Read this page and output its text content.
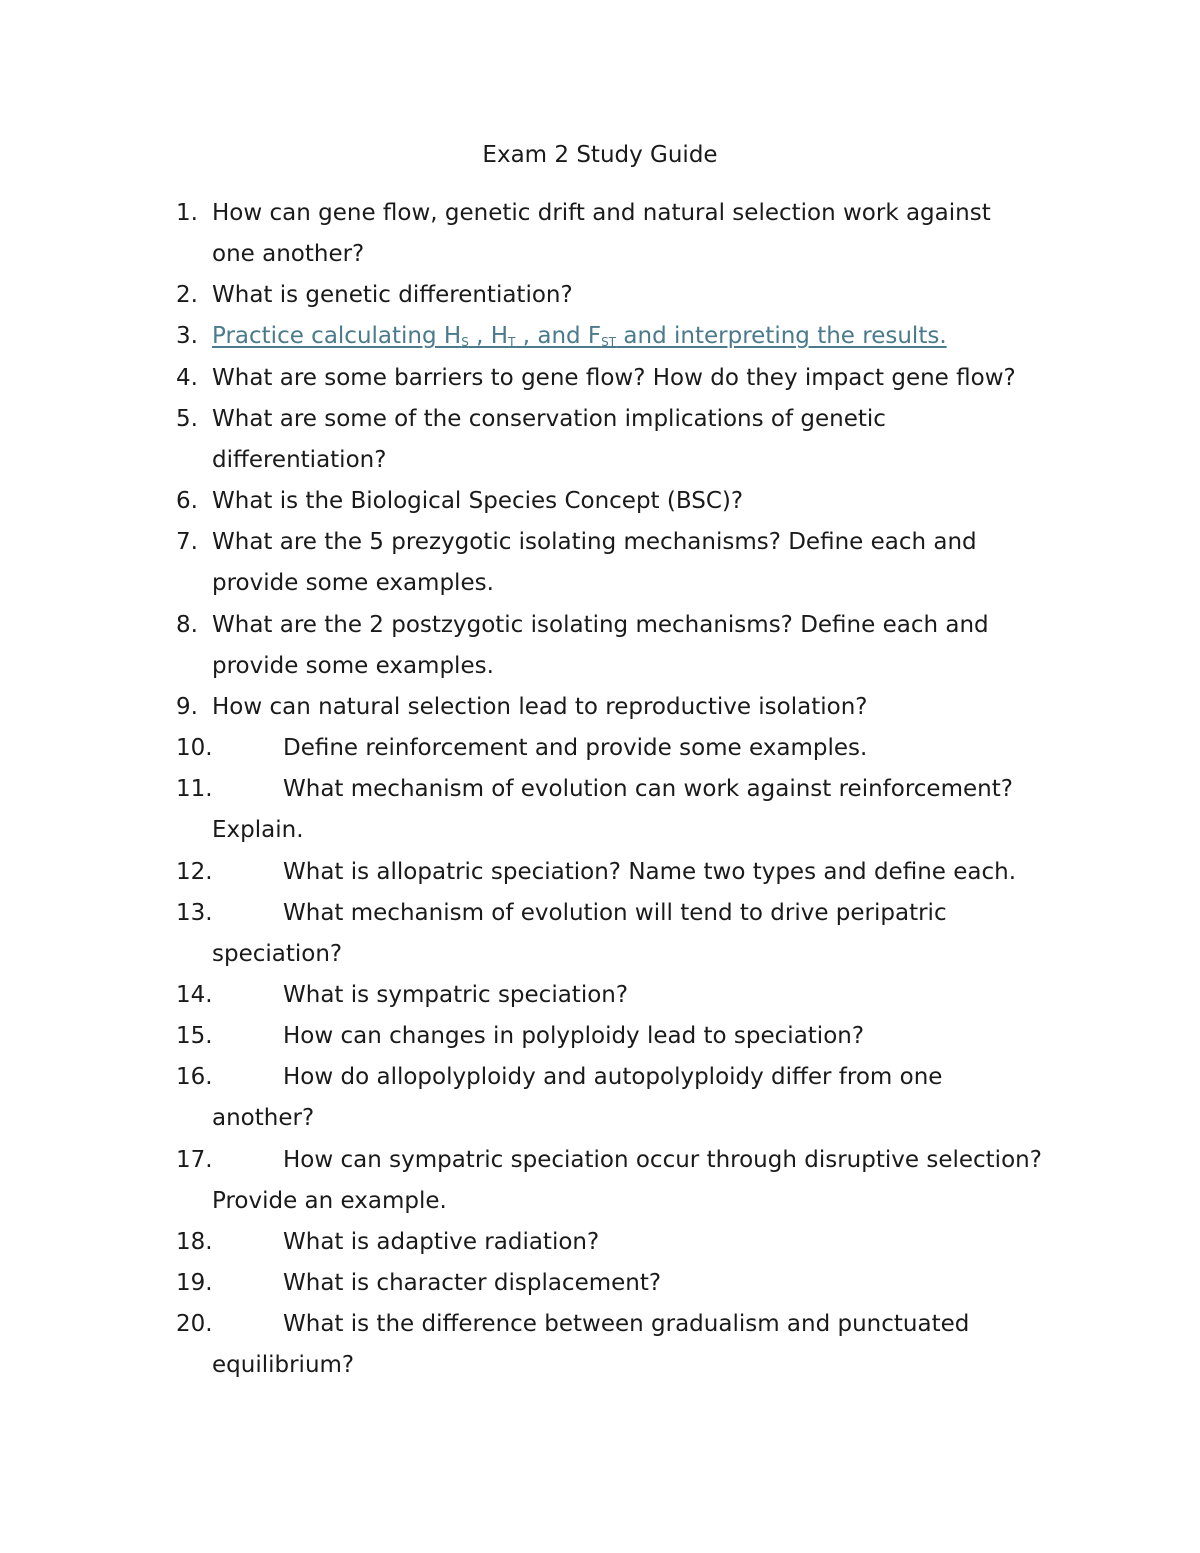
Exam 2 Study Guide
1. How can gene flow, genetic drift and natural selection work against
one another?
2. What is genetic differentiation?
3. Practice calculating $H_S$ , $H_T$ , and $F_{ST}$ and interpreting the results.
4. What are some barriers to gene flow? How do they impact gene flow?
5. What are some of the conservation implications of genetic
differentiation?
6. What is the Biological Species Concept (BSC)?
7. What are the 5 prezygotic isolating mechanisms? Define each and
provide some examples.
8. What are the 2 postzygotic isolating mechanisms? Define each and
provide some examples.
9. How can natural selection lead to reproductive isolation?
10.	Define reinforcement and provide some examples.
11.	What mechanism of evolution can work against reinforcement?
Explain.
12.	What is allopatric speciation? Name two types and define each.
13.	What mechanism of evolution will tend to drive peripatric
speciation?
14.	What is sympatric speciation?
15.	How can changes in polyploidy lead to speciation?
16.	How do allopolyploidy and autopolyploidy differ from one
another?
17.	How can sympatric speciation occur through disruptive selection?
Provide an example.
18.	What is adaptive radiation?
19.	What is character displacement?
20.	What is the difference between gradualism and punctuated
equilibrium?
